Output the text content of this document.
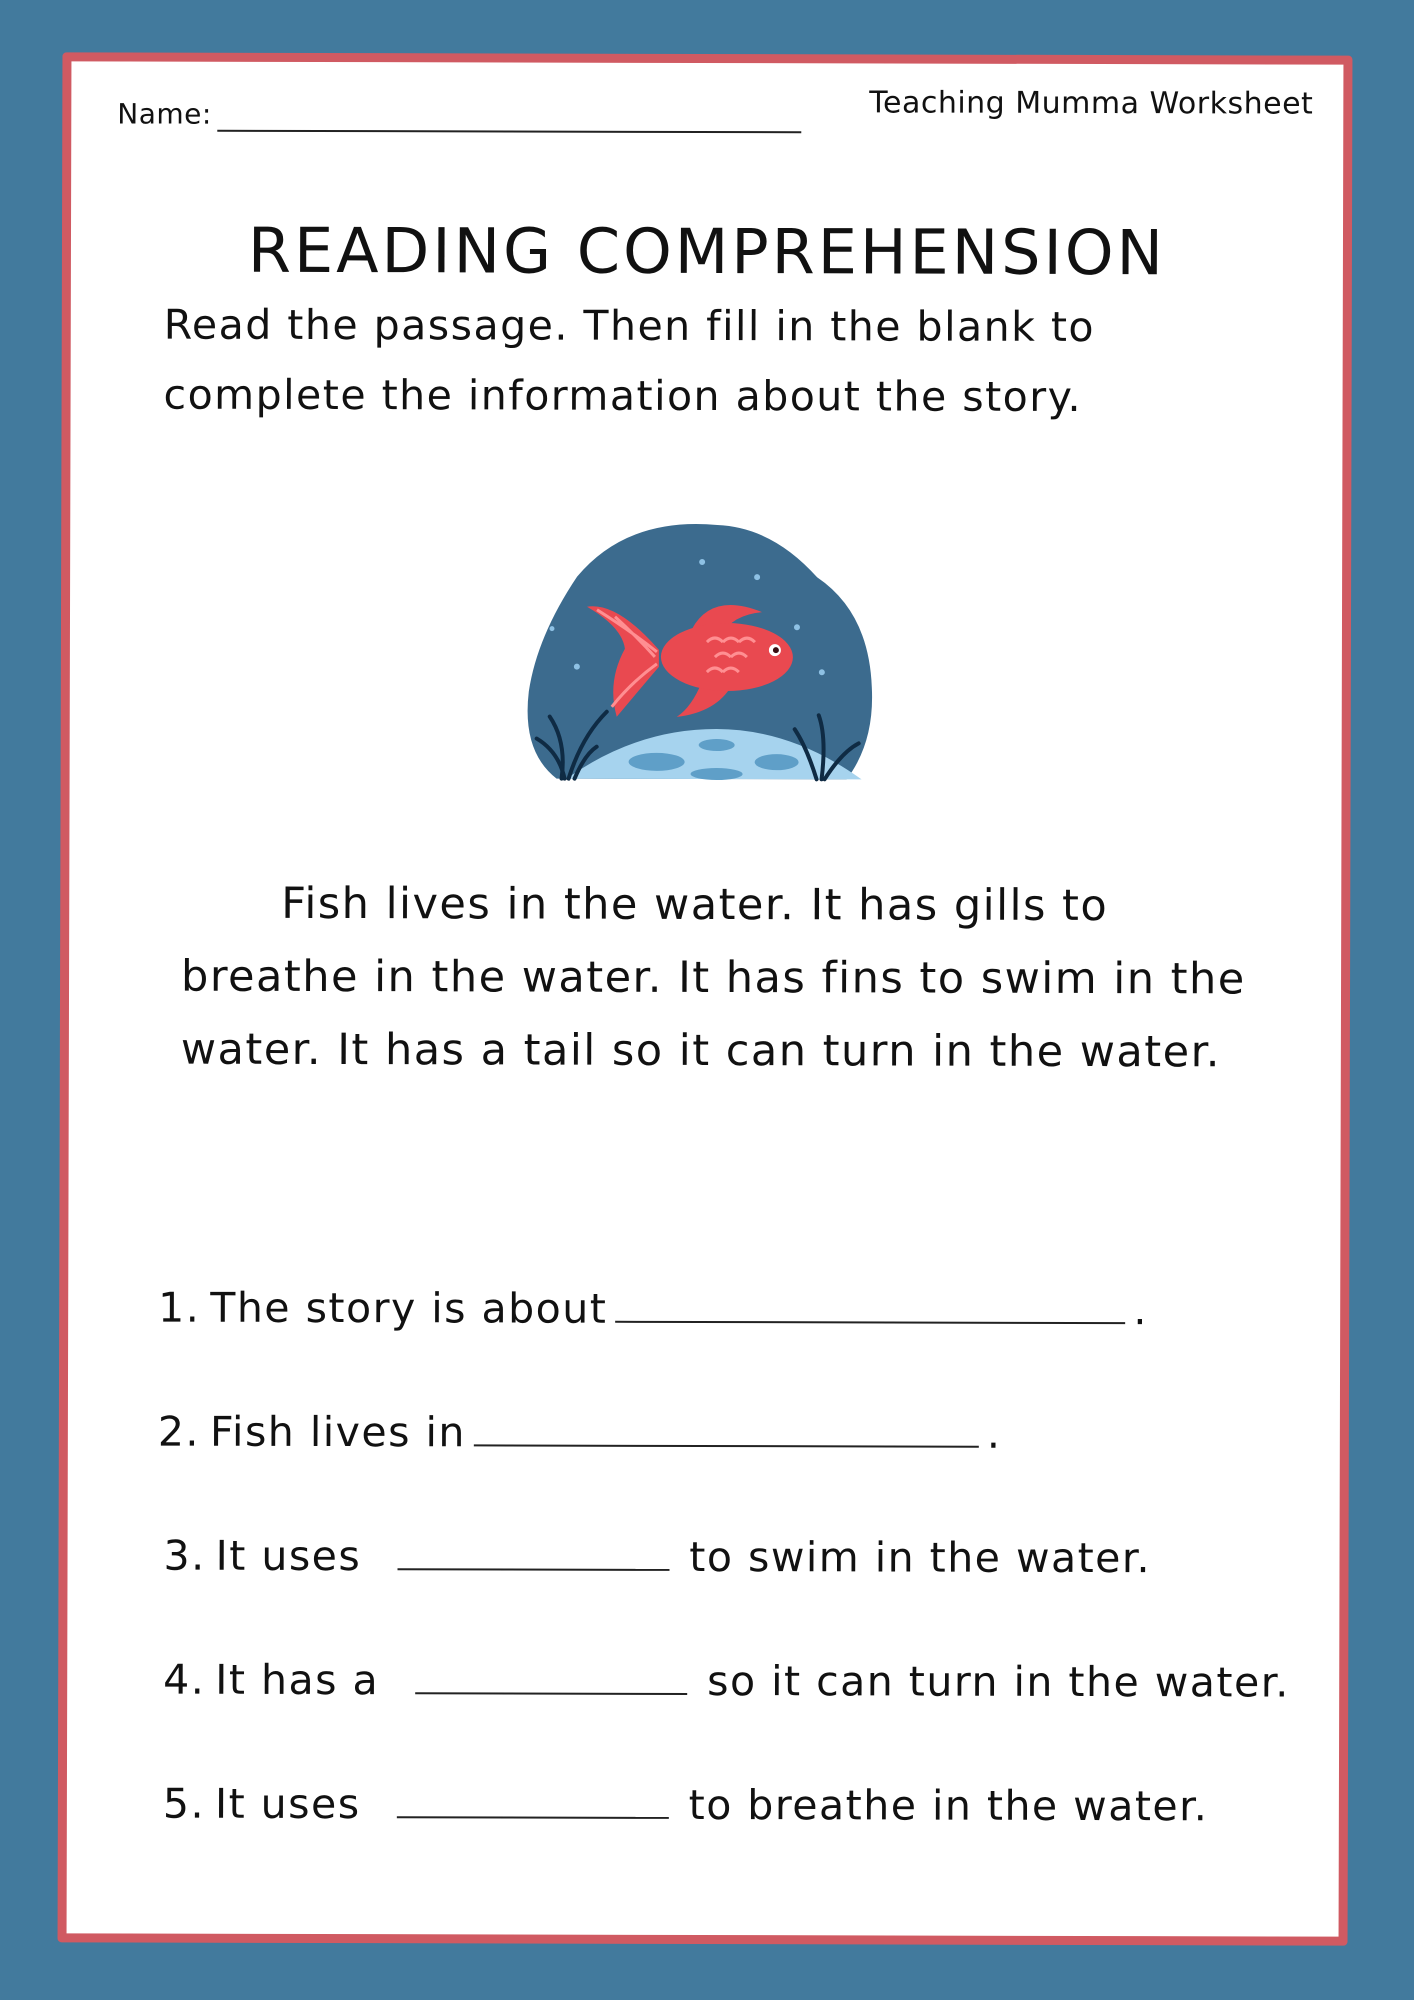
Name:	Teaching Mumma Worksheet
READING COMPREHENSION
Read the passage. Then fill in the blank to complete the information about the story.

Fish lives in the water. It has gills to breathe in the water. It has fins to swim in the water. It has a tail so it can turn in the water.

1. The story is about	.
2. Fish lives in	.
3. It uses	to swim in the water.
4. It has a	so it can turn in the water.
5. It uses	to breathe in the water.
